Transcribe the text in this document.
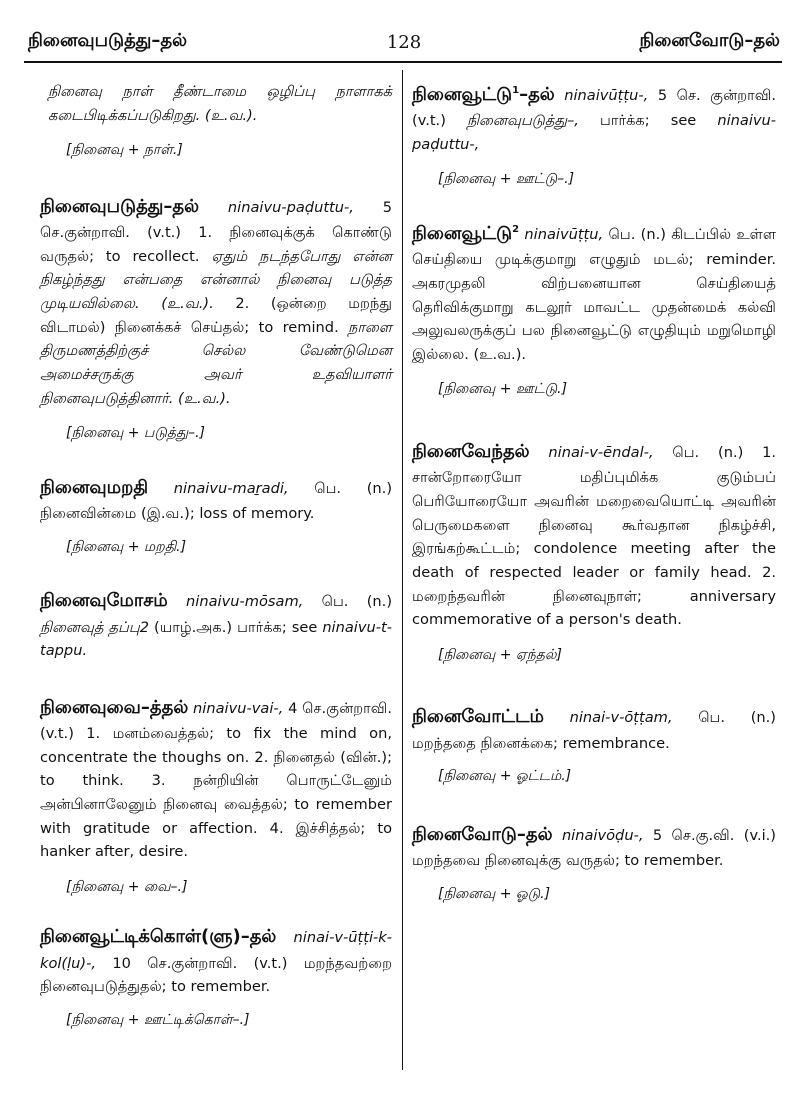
நினைவுபடுத்து–தல்	128	நினைவோடு–தல்

நினைவு நாள் தீண்டாமை ஒழிப்பு நாளாகக் கடைபிடிக்கப்படுகிறது. (உ.வ.).

[நினைவு + நாள்.]

நினைவுபடுத்து–தல் ninaivu-paḍuttu-, 5 செ.குன்றாவி. (v.t.) 1. நினைவுக்குக் கொண்டு வருதல்; to recollect. ஏதும் நடந்தபோது என்ன நிகழ்ந்தது என்பதை என்னால் நினைவு படுத்த முடியவில்லை. (உ.வ.). 2. (ஒன்றை மறந்து விடாமல்) நினைக்கச் செய்தல்; to remind. நாளை திருமணத்திற்குச் செல்ல வேண்டுமென அமைச்சருக்கு அவர் உதவியாளர் நினைவுபடுத்தினார். (உ.வ.).

[நினைவு + படுத்து–.]

நினைவுமறதி ninaivu-maṟadi, பெ. (n.) நினைவின்மை (இ.வ.); loss of memory.

[நினைவு + மறதி.]

நினைவுமோசம் ninaivu-mōsam, பெ. (n.) நினைவுத் தப்பு2 (யாழ்.அக.) பார்க்க; see ninaivu-t-tappu.

நினைவுவை–த்தல் ninaivu-vai-, 4 செ.குன்றாவி. (v.t.) 1. மனம்வைத்தல்; to fix the mind on, concentrate the thoughs on. 2. நினைதல் (வின்.); to think. 3. நன்றியின் பொருட்டேனும் அன்பினாலேனும் நினைவு வைத்தல்; to remember with gratitude or affection. 4. இச்சித்தல்; to hanker after, desire.

[நினைவு + வை–.]

நினைவூட்டிக்கொள்(ளு)–தல் ninai-v-ūṭṭi-k-kol(ḷu)-, 10 செ.குன்றாவி. (v.t.) மறந்தவற்றை நினைவுபடுத்துதல்; to remember.

[நினைவு + ஊட்டிக்கொள்–.]

நினைவூட்டு$^1$–தல் ninaivūṭṭu-, 5 செ. குன்றாவி. (v.t.) நினைவுபடுத்து–, பார்க்க; see ninaivu-paḍuttu-,

[நினைவு + ஊட்டு–.]

நினைவூட்டு$^2$ ninaivūṭṭu, பெ. (n.) கிடப்பில் உள்ள செய்தியை முடிக்குமாறு எழுதும் மடல்; reminder. அகரமுதலி விற்பனையான செய்தியைத் தெரிவிக்குமாறு கடலூர் மாவட்ட முதன்மைக் கல்வி அலுவலருக்குப் பல நினைவூட்டு எழுதியும் மறுமொழி இல்லை. (உ.வ.).

[நினைவு + ஊட்டு.]

நினைவேந்தல் ninai-v-ēndal-, பெ. (n.) 1. சான்றோரையோ மதிப்புமிக்க குடும்பப் பெரியோரையோ அவரின் மறைவையொட்டி அவரின் பெருமைகளை நினைவு கூர்வதான நிகழ்ச்சி, இரங்கற்கூட்டம்; condolence meeting after the death of respected leader or family head. 2. மறைந்தவரின் நினைவுநாள்; anniversary commemorative of a person's death.

[நினைவு + ஏந்தல்]

நினைவோட்டம் ninai-v-ōṭṭam, பெ. (n.) மறந்ததை நினைக்கை; remembrance.

[நினைவு + ஓட்டம்.]

நினைவோடு–தல் ninaivōḍu-, 5 செ.கு.வி. (v.i.) மறந்தவை நினைவுக்கு வருதல்; to remember.

[நினைவு + ஓடு.]
